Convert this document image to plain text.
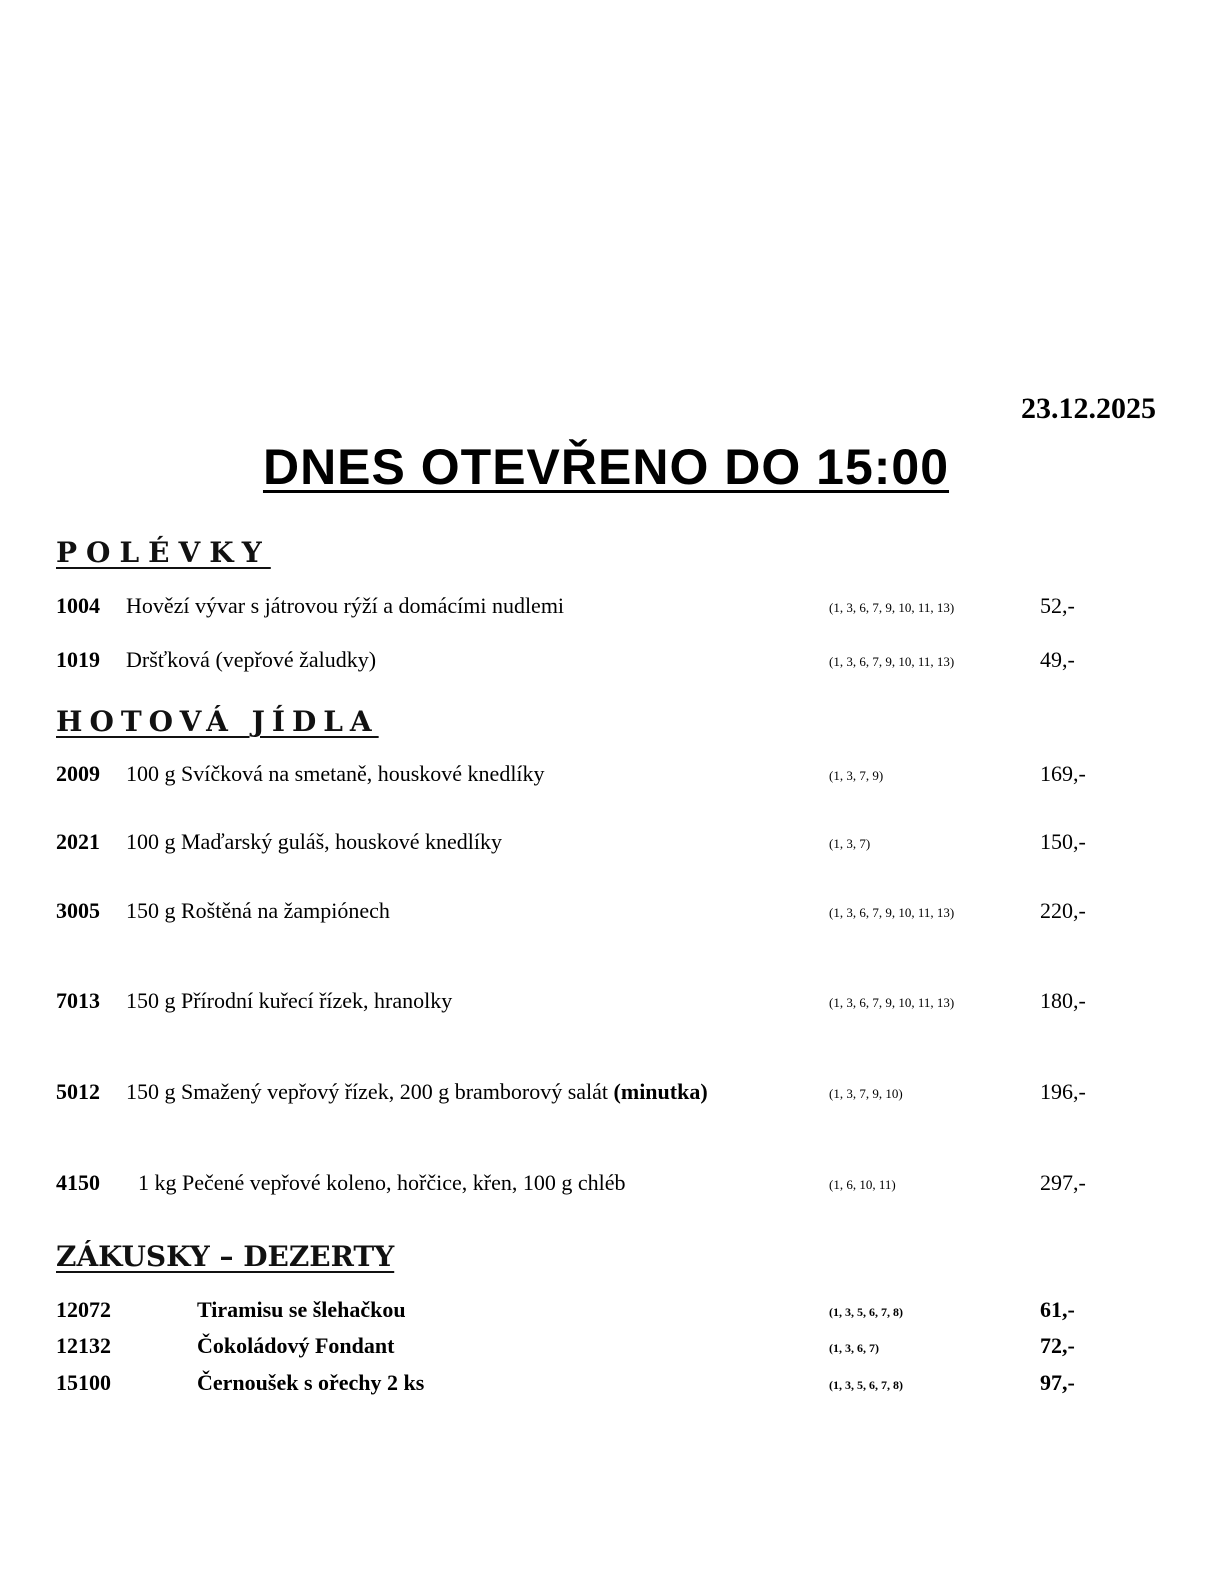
23.12.2025
DNES OTEVŘENO DO 15:00
POLÉVKY
1004 Hovězí vývar s játrovou rýží a domácími nudlemi	(1, 3, 6, 7, 9, 10, 11, 13)	52,-
1019 Dršťková (vepřové žaludky)	(1, 3, 6, 7, 9, 10, 11, 13)	49,-
HOTOVÁ JÍDLA
2009 100 g Svíčková na smetaně, houskové knedlíky	(1, 3, 7, 9)	169,-
2021 100 g Maďarský guláš, houskové knedlíky	(1, 3, 7)	150,-
3005 150 g Roštěná na žampiónech	(1, 3, 6, 7, 9, 10, 11, 13)	220,-
7013 150 g Přírodní kuřecí řízek, hranolky	(1, 3, 6, 7, 9, 10, 11, 13)	180,-
5012 150 g Smažený vepřový řízek, 200 g bramborový salát (minutka)	(1, 3, 7, 9, 10)	196,-
4150 1 kg Pečené vepřové koleno, hořčice, křen, 100 g chléb	(1, 6, 10, 11)	297,-
ZÁKUSKY – DEZERTY
12072	Tiramisu se šlehačkou	(1, 3, 5, 6, 7, 8)	61,-
12132	Čokoládový Fondant	(1, 3, 6, 7)	72,-
15100	Černoušek s ořechy 2 ks	(1, 3, 5, 6, 7, 8)	97,-
